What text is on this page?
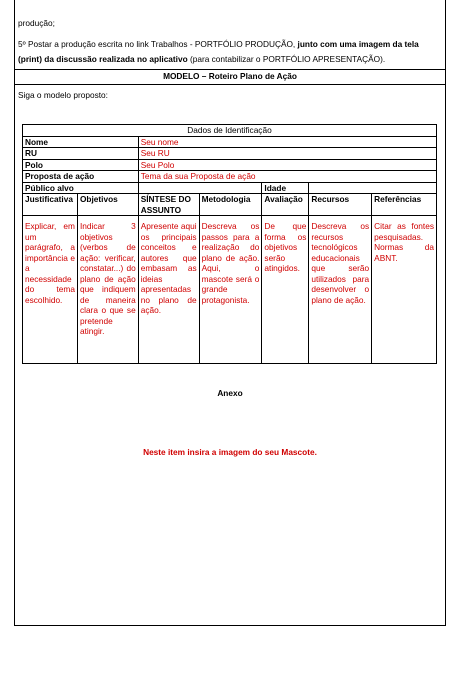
produção;
5º Postar a produção escrita no link Trabalhos - PORTFÓLIO PRODUÇÃO, junto com uma imagem da tela
(print) da discussão realizada no aplicativo (para contabilizar o PORTFÓLIO APRESENTAÇÃO).
MODELO – Roteiro Plano de Ação
Siga o modelo proposto:
Dados de Identificação						
Nome		Seu nome				
RU		Seu RU				
Polo		Seu Polo				
Proposta de ação		Tema da sua Proposta de ação				
Público alvo				Idade		
Justificativa	Objetivos	SÍNTESE DO ASSUNTO	Metodologia	Avaliação	Recursos	Referências
Explicar, em um parágrafo, a importância e a necessidade do tema escolhido.	Indicar 3 objetivos (verbos de ação: verificar, constatar...) do plano de ação que indiquem de maneira clara o que se pretende atingir.	Apresente aqui os principais conceitos e autores que embasam as ideias apresentadas no plano de ação.	Descreva os passos para a realização do plano de ação. Aqui, o mascote será o grande protagonista.	De que forma os objetivos serão atingidos.	Descreva os recursos tecnológicos educacionais que serão utilizados para desenvolver o plano de ação.	Citar as fontes pesquisadas. Normas da ABNT.
Anexo
Neste item insira a imagem do seu Mascote.
